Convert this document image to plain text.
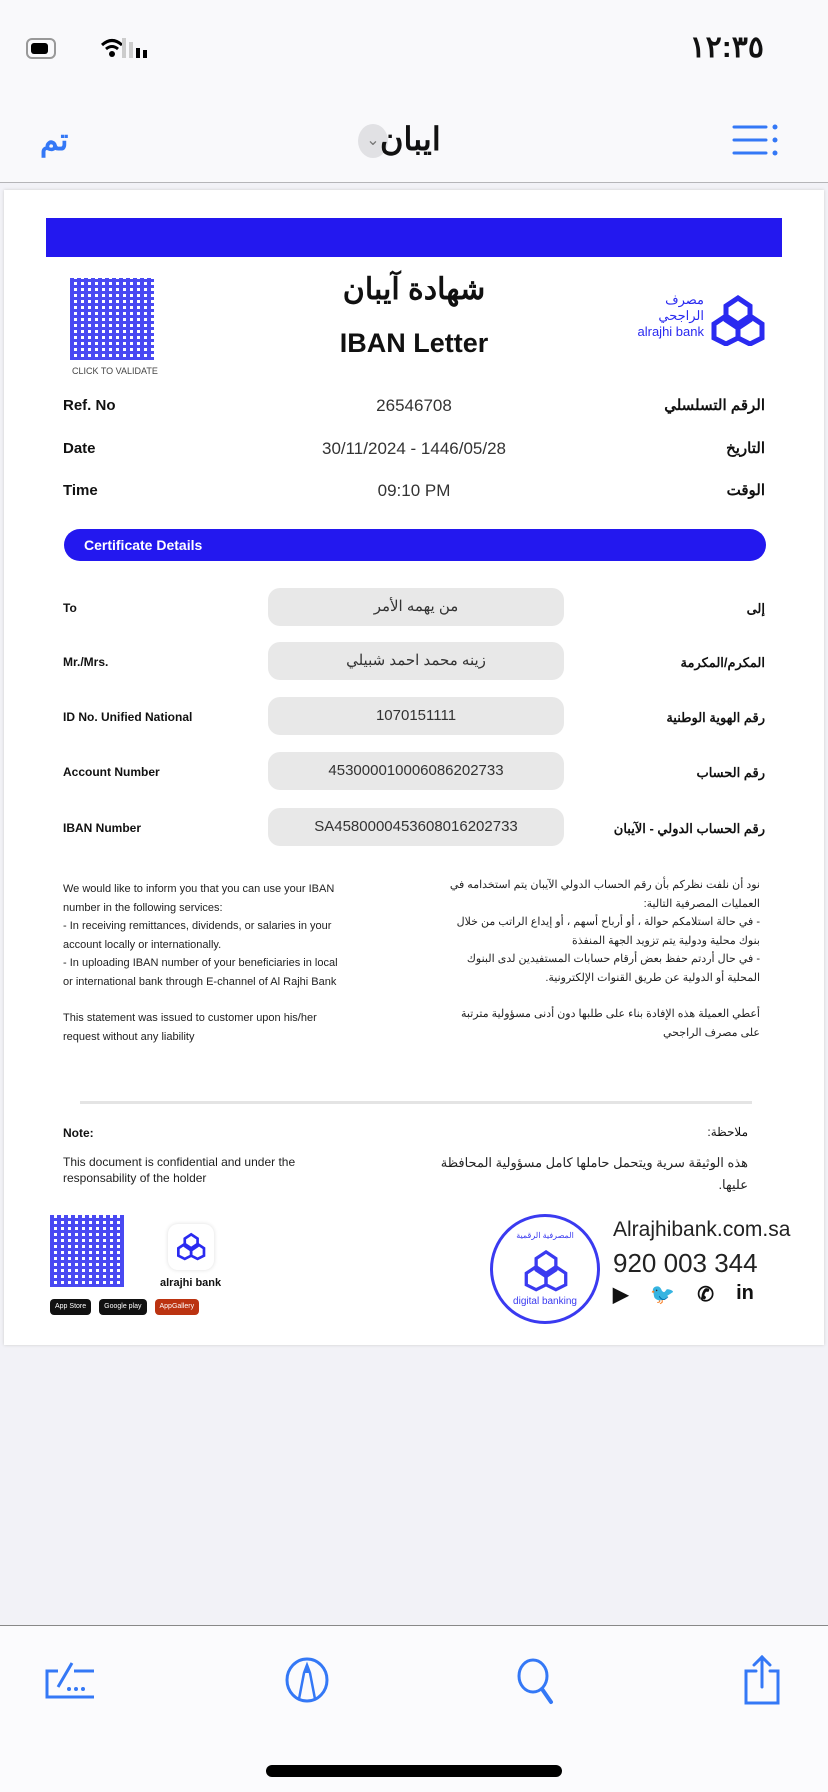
١٢:٣٥
تم	⌄ ايبان
CLICK TO VALIDATE
شهادة آيبان
IBAN Letter
مصرف الراجحي
alrajhi bank
Ref. No	26546708	الرقم التسلسلي
Date	30/11/2024 - 1446/05/28	التاريخ
Time	09:10 PM	الوقت
Certificate Details
To	من يهمه الأمر	إلى
Mr./Mrs.	زينه محمد احمد شبيلي	المكرم/المكرمة
ID No. Unified National	1070151111	رقم الهوية الوطنية
Account Number	453000010006086202733	رقم الحساب
IBAN Number	SA4580000453608016202733	رقم الحساب الدولي - الآيبان
We would like to inform you that you can use your IBAN
number in the following services:
- In receiving remittances, dividends, or salaries in your
account locally or internationally.
- In uploading IBAN number of your beneficiaries in local
or international bank through E-channel of Al Rajhi Bank
This statement was issued to customer upon his/her
request without any liability
نود أن نلفت نظركم بأن رقم الحساب الدولي الآيبان يتم استخدامه في
العمليات المصرفية التالية:
- في حالة استلامكم حوالة ، أو أرباح أسهم ، أو إيداع الراتب من خلال
بنوك محلية ودولية يتم تزويد الجهة المنفذة
- في حال أردتم حفظ بعض أرقام حسابات المستفيدين لدى البنوك
المحلية أو الدولية عن طريق القنوات الإلكترونية.
أعطي العميلة هذه الإفادة بناء على طلبها دون أدنى مسؤولية مترتبة
على مصرف الراجحي
Note:
This document is confidential and under the
responsability of the holder
ملاحظة:
هذه الوثيقة سرية ويتحمل حاملها كامل مسؤولية المحافظة
عليها.
alrajhi bank
App Store	Google play	AppGallery
المصرفية الرقمية
digital banking
Alrajhibank.com.sa
920 003 344
▶ 🐦 ✆ in
